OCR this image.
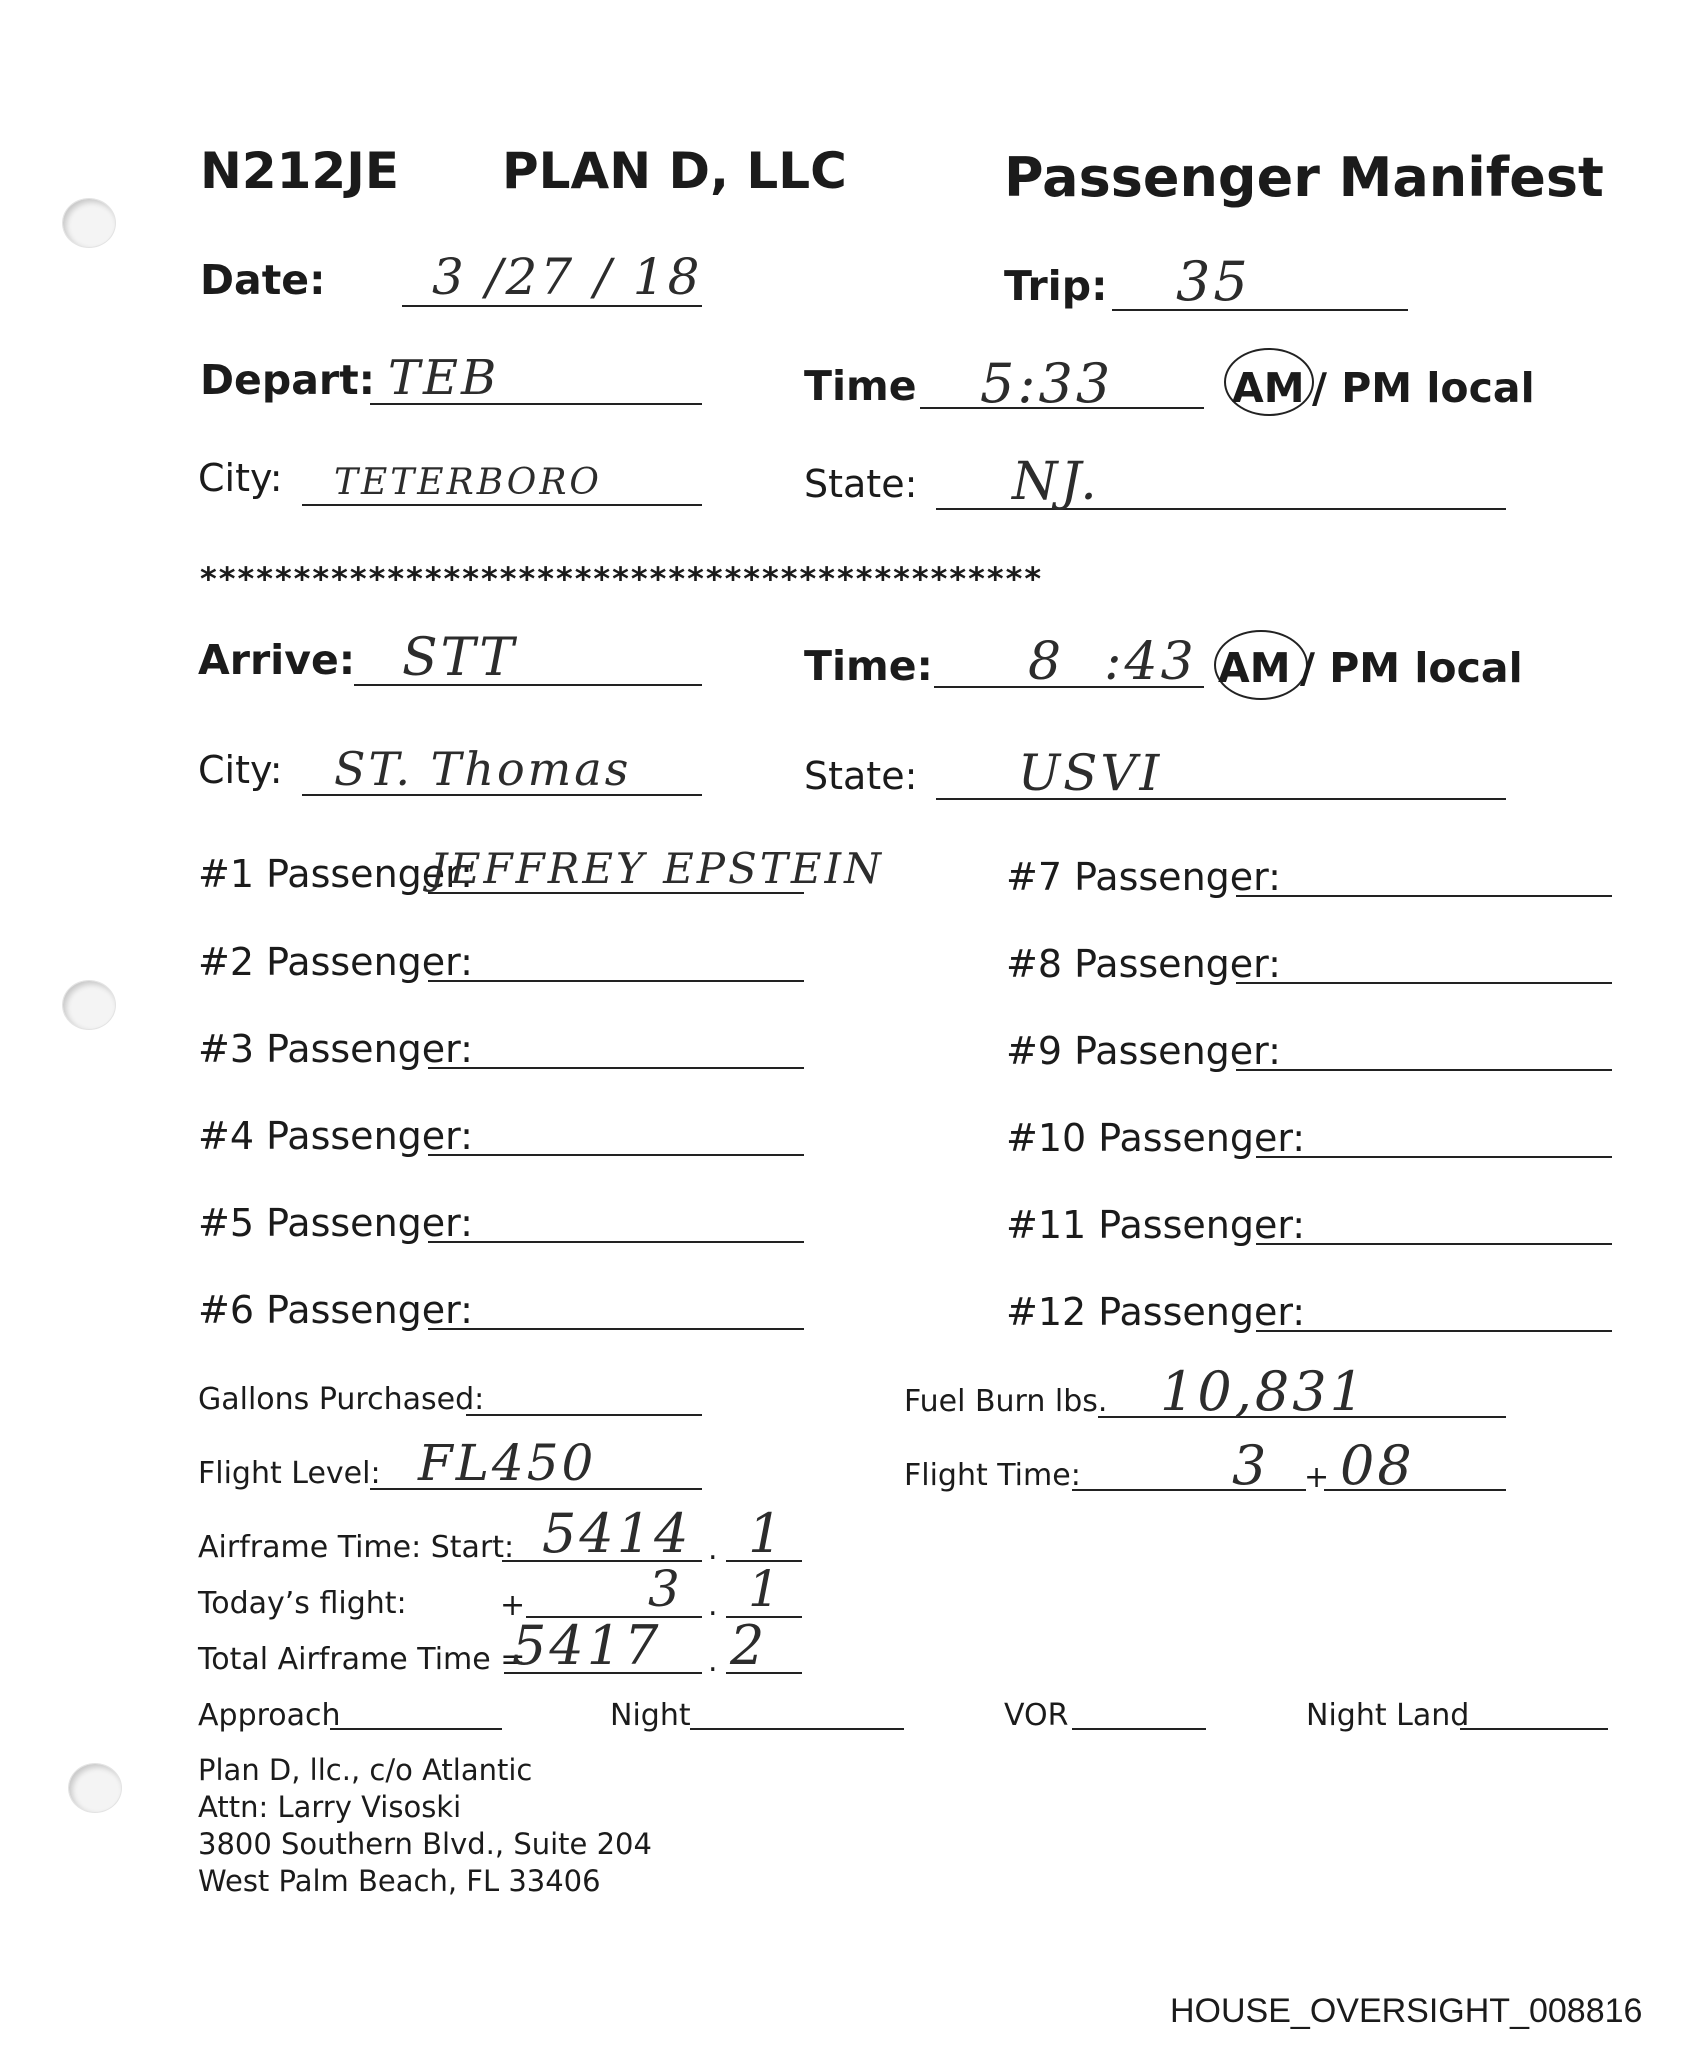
N212JE PLAN D, LLC	Passenger Manifest
Date: 3 /27 / 18	Trip: 35
Depart: TEB	Time 5:33	AM / PM local
City: TETERBORO	State: NJ.
*********************************************
Arrive: STT	Time: 8 :43 AM / PM local
City: ST. Thomas	State: USVI
#1 Passenger:
JEFFREY EPSTEIN
#2 Passenger:
#3 Passenger:
#4 Passenger:
#5 Passenger:
#6 Passenger:
#7 Passenger:
#8 Passenger:
#9 Passenger:
#10 Passenger:
#11 Passenger:
#12 Passenger:
Gallons Purchased:	Fuel Burn lbs. 10,831
Flight Level: FL450	Flight Time:	3 + 08
Airframe Time: Start: 5414 . 1
Today’s flight:	+ 3 . 1
Total Airframe Time =
5417 . 2
Approach	Night	VOR	Night Land
Plan D, llc., c/o Atlantic
Attn: Larry Visoski
3800 Southern Blvd., Suite 204
West Palm Beach, FL 33406
HOUSE_OVERSIGHT_008816
